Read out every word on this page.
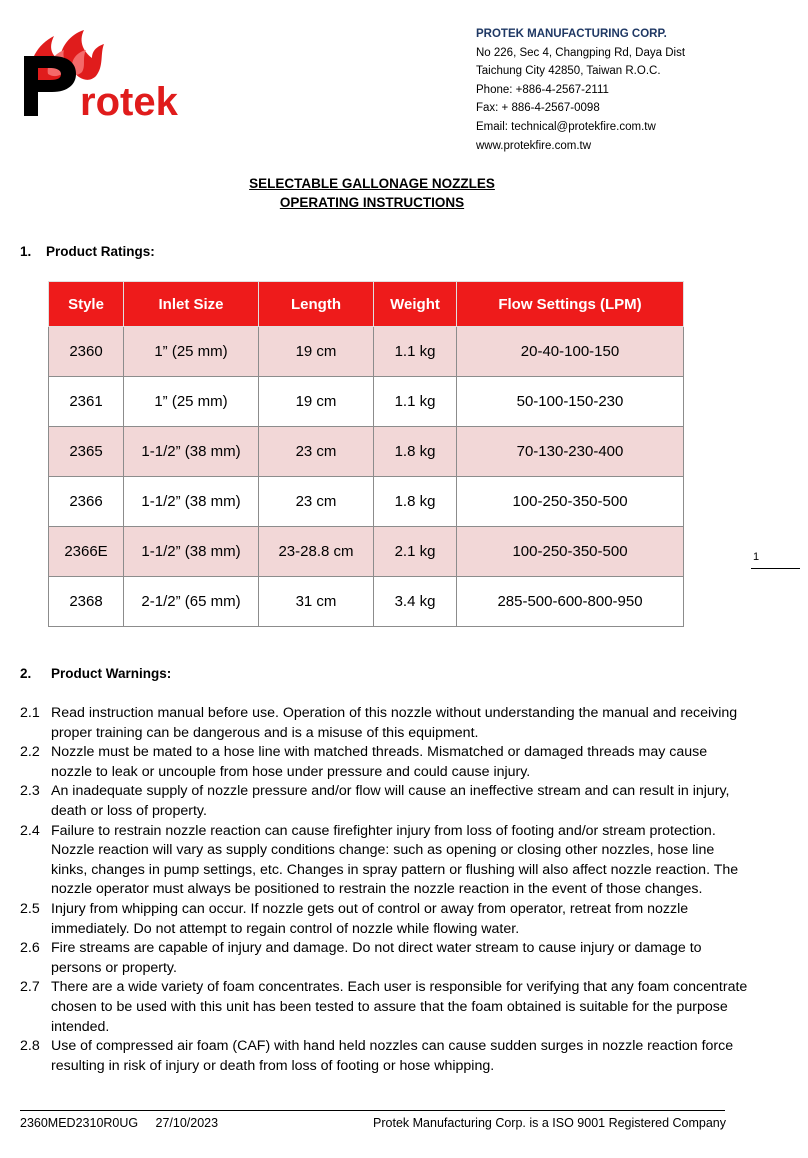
rotek
PROTEK MANUFACTURING CORP.
No 226, Sec 4, Changping Rd, Daya Dist
Taichung City 42850, Taiwan R.O.C.
Phone: +886-4-2567-2111
Fax: + 886-4-2567-0098
Email: technical@protekfire.com.tw
www.protekfire.com.tw
SELECTABLE GALLONAGE NOZZLES
OPERATING INSTRUCTIONS
1. Product Ratings:
Style	Inlet Size	Length	Weight	Flow Settings (LPM)
2360	1” (25 mm)	19 cm	1.1 kg	20-40-100-150
2361	1” (25 mm)	19 cm	1.1 kg	50-100-150-230
2365	1-1/2” (38 mm)	23 cm	1.8 kg	70-130-230-400
2366	1-1/2” (38 mm)	23 cm	1.8 kg	100-250-350-500
2366E	1-1/2” (38 mm)	23-28.8 cm	2.1 kg	100-250-350-500
2368	2-1/2” (65 mm)	31 cm	3.4 kg	285-500-600-800-950
1
2. Product Warnings:
2.1 Read instruction manual before use. Operation of this nozzle without understanding the manual and receiving proper training can be dangerous and is a misuse of this equipment.
2.2 Nozzle must be mated to a hose line with matched threads. Mismatched or damaged threads may cause nozzle to leak or uncouple from hose under pressure and could cause injury.
2.3 An inadequate supply of nozzle pressure and/or flow will cause an ineffective stream and can result in injury, death or loss of property.
2.4 Failure to restrain nozzle reaction can cause firefighter injury from loss of footing and/or stream protection. Nozzle reaction will vary as supply conditions change: such as opening or closing other nozzles, hose line kinks, changes in pump settings, etc. Changes in spray pattern or flushing will also affect nozzle reaction. The nozzle operator must always be positioned to restrain the nozzle reaction in the event of those changes.
2.5 Injury from whipping can occur. If nozzle gets out of control or away from operator, retreat from nozzle immediately. Do not attempt to regain control of nozzle while flowing water.
2.6 Fire streams are capable of injury and damage. Do not direct water stream to cause injury or damage to persons or property.
2.7 There are a wide variety of foam concentrates. Each user is responsible for verifying that any foam concentrate chosen to be used with this unit has been tested to assure that the foam obtained is suitable for the purpose intended.
2.8 Use of compressed air foam (CAF) with hand held nozzles can cause sudden surges in nozzle reaction force resulting in risk of injury or death from loss of footing or hose whipping.
2360MED2310R0UG 27/10/2023	Protek Manufacturing Corp. is a ISO 9001 Registered Company
